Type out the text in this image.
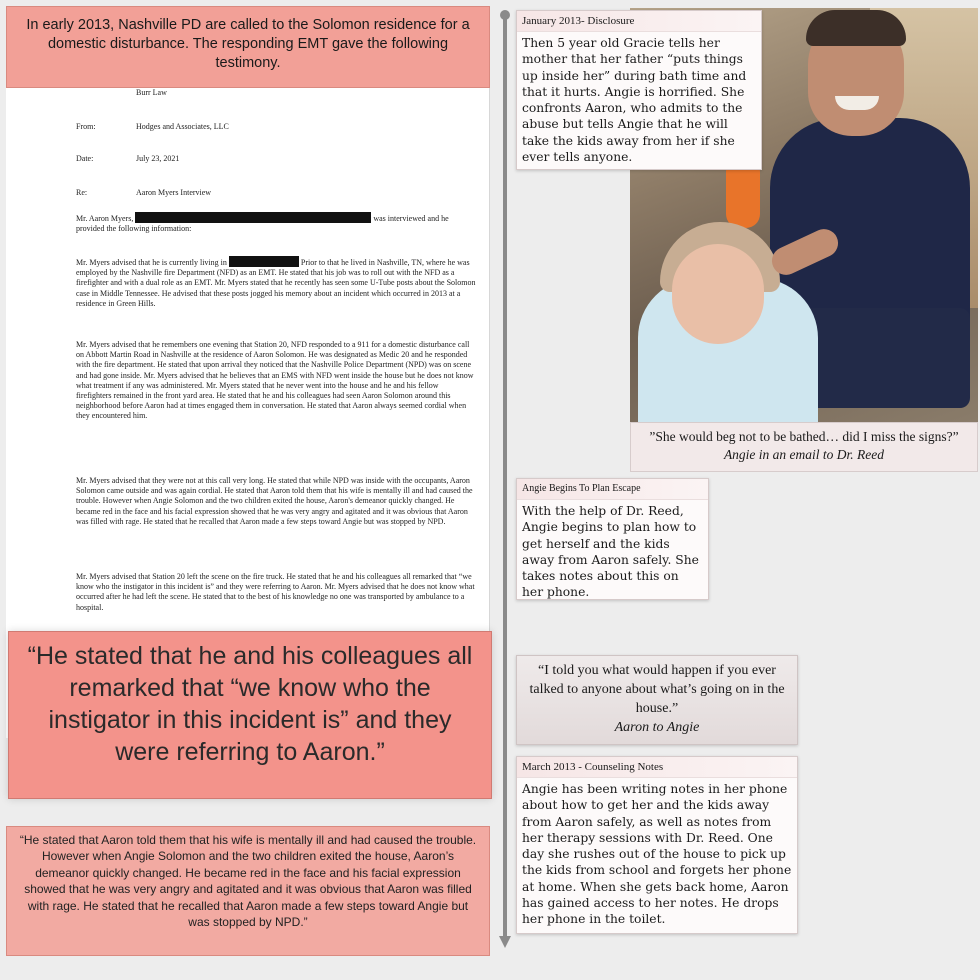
In early 2013, Nashville PD are called to the Solomon residence for a domestic disturbance. The responding EMT gave the following testimony.
Burr Law
From:	Hodges and Associates, LLC
Date:	July 23, 2021
Re:	Aaron Myers Interview

Mr. Aaron Myers,	was interviewed and he provided the following information:

Mr. Myers advised that he is currently living in	Prior to that he lived in Nashville, TN, where he was employed by the Nashville fire Department (NFD) as an EMT. He stated that his job was to roll out with the NFD as a firefighter and with a dual role as an EMT. Mr. Myers stated that he recently has seen some U-Tube posts about the Solomon case in Middle Tennessee. He advised that these posts jogged his memory about an incident which occurred in 2013 at a residence in Green Hills.

Mr. Myers advised that he remembers one evening that Station 20, NFD responded to a 911 for a domestic disturbance call on Abbott Martin Road in Nashville at the residence of Aaron Solomon. He was designated as Medic 20 and he responded with the fire department. He stated that upon arrival they noticed that the Nashville Police Department (NPD) was on scene and had gone inside. Mr. Myers advised that he believes that an EMS with NFD went inside the house but he does not know what treatment if any was administered. Mr. Myers stated that he never went into the house and he and his fellow firefighters remained in the front yard area. He stated that he and his colleagues had seen Aaron Solomon around this neighborhood before Aaron had at times engaged them in conversation. He stated that Aaron always seemed cordial when they encountered him.

Mr. Myers advised that they were not at this call very long. He stated that while NPD was inside with the occupants, Aaron Solomon came outside and was again cordial. He stated that Aaron told them that his wife is mentally ill and had caused the trouble. However when Angie Solomon and the two children exited the house, Aaron's demeanor quickly changed. He became red in the face and his facial expression showed that he was very angry and agitated and it was obvious that Aaron was filled with rage. He stated that he recalled that Aaron made a few steps toward Angie but was stopped by NPD.

Mr. Myers advised that Station 20 left the scene on the fire truck. He stated that he and his colleagues all remarked that “we know who the instigator in this incident is” and they were referring to Aaron. Mr. Myers advised that he does not know what occurred after he had left the scene. He stated that to the best of his knowledge no one was transported by ambulance to a hospital.

“He stated that he and his colleagues all remarked that “we know who the instigator in this incident is” and they were referring to Aaron.”
“He stated that Aaron told them that his wife is mentally ill and had caused the trouble. However when Angie Solomon and the two children exited the house, Aaron’s demeanor quickly changed. He became red in the face and his facial expression showed that he was very angry and agitated and it was obvious that Aaron was filled with rage. He stated that he recalled that Aaron made a few steps toward Angie but was stopped by NPD.”
”She would beg not to be bathed… did I miss the signs?”
Angie in an email to Dr. Reed
January 2013- Disclosure
Then 5 year old Gracie tells her mother that her father “puts things up inside her” during bath time and that it hurts. Angie is horrified. She confronts Aaron, who admits to the abuse but tells Angie that he will take the kids away from her if she ever tells anyone.
Angie Begins To Plan Escape
With the help of Dr. Reed, Angie begins to plan how to get herself and the kids away from Aaron safely. She takes notes about this on her phone.
“I told you what would happen if you ever talked to anyone about what’s going on in the house.”
Aaron to Angie
March 2013 - Counseling Notes
Angie has been writing notes in her phone about how to get her and the kids away from Aaron safely, as well as notes from her therapy sessions with Dr. Reed. One day she rushes out of the house to pick up the kids from school and forgets her phone at home. When she gets back home, Aaron has gained access to her notes. He drops her phone in the toilet.
